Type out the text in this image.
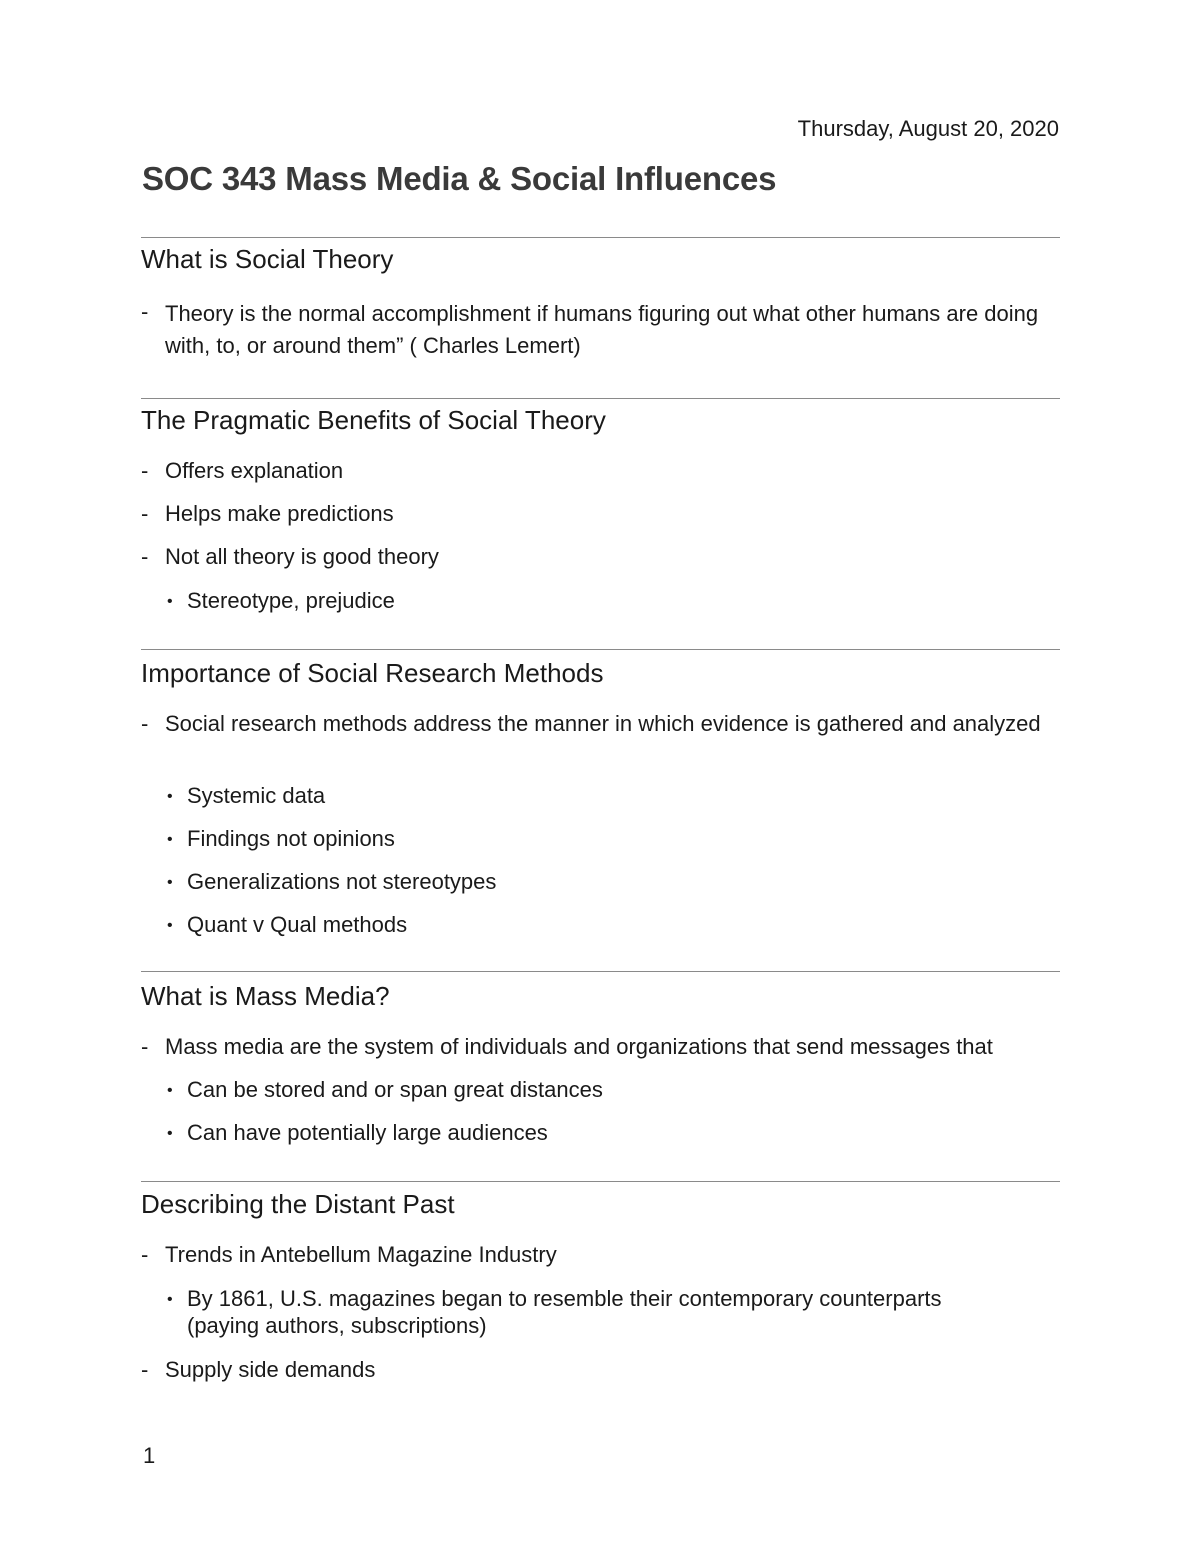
Thursday, August 20, 2020
SOC 343 Mass Media & Social Influences
What is Social Theory
- Theory is the normal accomplishment if humans figuring out what other humans are doing with, to, or around them” ( Charles Lemert)
The Pragmatic Benefits of Social Theory
- Offers explanation
- Helps make predictions
- Not all theory is good theory
• Stereotype, prejudice
Importance of Social Research Methods
- Social research methods address the manner in which evidence is gathered and analyzed
• Systemic data
• Findings not opinions
• Generalizations not stereotypes
• Quant v Qual methods
What is Mass Media?
- Mass media are the system of individuals and organizations that send messages that
• Can be stored and or span great distances
• Can have potentially large audiences
Describing the Distant Past
- Trends in Antebellum Magazine Industry
• By 1861, U.S. magazines began to resemble their contemporary counterparts (paying authors, subscriptions)
- Supply side demands
1
